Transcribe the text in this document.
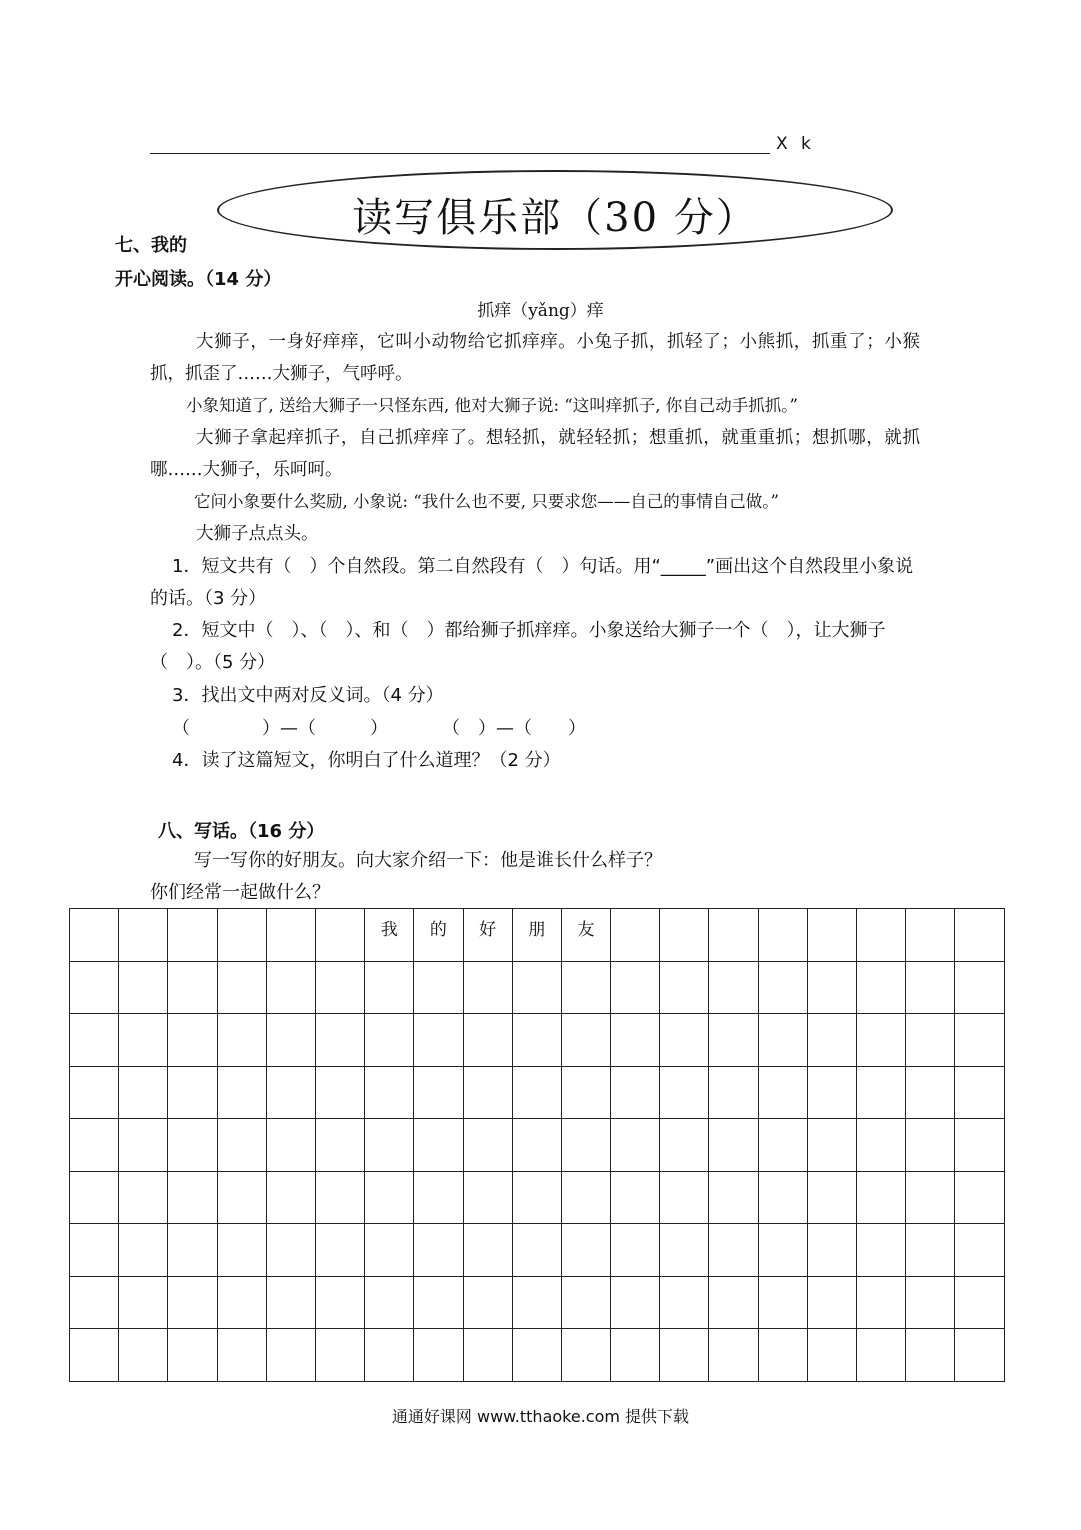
X k
读写俱乐部（30 分）
七、我的
开心阅读。（14 分）
抓痒（yǎng）痒
大狮子，一身好痒痒，它叫小动物给它抓痒痒。小兔子抓，抓轻了；小熊抓，抓重了；小猴抓，抓歪了……大狮子，气呼呼。
小象知道了, 送给大狮子一只怪东西, 他对大狮子说: “这叫痒抓子, 你自己动手抓抓。”
大狮子拿起痒抓子，自己抓痒痒了。想轻抓，就轻轻抓；想重抓，就重重抓；想抓哪，就抓哪……大狮子，乐呵呵。
它问小象要什么奖励, 小象说: “我什么也不要, 只要求您——自己的事情自己做。”
大狮子点点头。
1．短文共有（　）个自然段。第二自然段有（　）句话。用“_____”画出这个自然段里小象说的话。（3 分）
2．短文中（　）、（　）、和（　）都给狮子抓痒痒。小象送给大狮子一个（　），让大狮子（　）。（5 分）
3．找出文中两对反义词。（4 分）
（　　　　）—（　　　）　　　　（　）—（　　）
4．读了这篇短文，你明白了什么道理？（2 分）
八、写话。（16 分）
写一写你的好朋友。向大家介绍一下：他是谁长什么样子？
你们经常一起做什么？
						我	的	好	朋	友								

通通好课网 www.tthaoke.com 提供下载
